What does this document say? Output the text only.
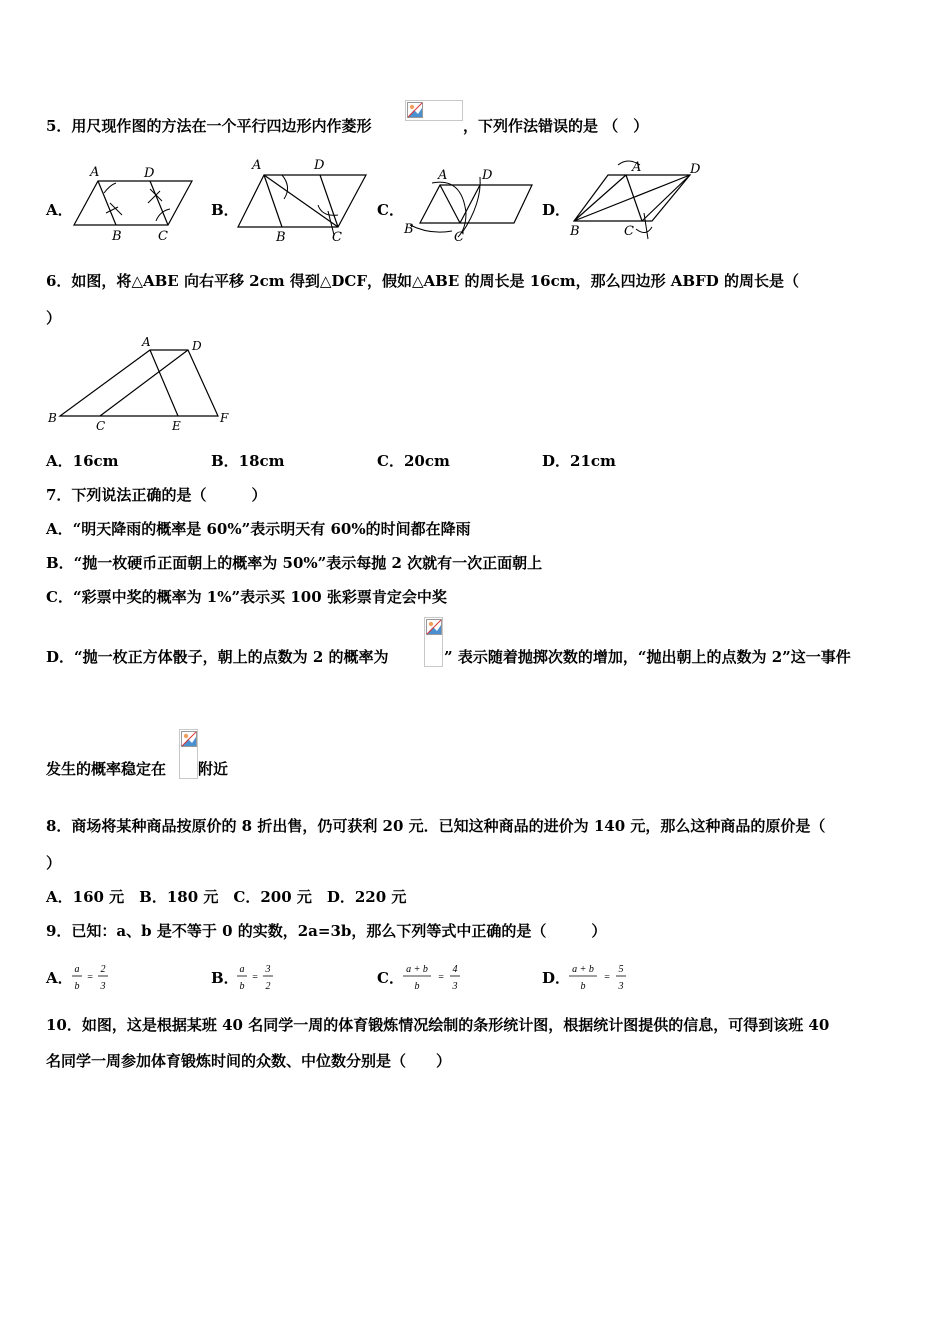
5．用尺现作图的方法在一个平行四边形内作菱形	，下列作法错误的是 （　）
A．
A	D
B	C
B．
A	D
B	C
C．
A	D
B
C
D．
A	D
B	C
6．如图，将△ABE 向右平移 2cm 得到△DCF，假如△ABE 的周长是 16cm，那么四边形 ABFD 的周长是（
）
A	D
B
C	E
F
A．16cm	B．18cm	C．20cm	D．21cm
7．下列说法正确的是（　　　）
A．“明天降雨的概率是 60%”表示明天有 60%的时间都在降雨
B．“抛一枚硬币正面朝上的概率为 50%”表示每抛 2 次就有一次正面朝上
C．“彩票中奖的概率为 1%”表示买 100 张彩票肯定会中奖
D．“抛一枚正方体骰子，朝上的点数为 2 的概率为	” 表示随着抛掷次数的增加，“抛出朝上的点数为 2”这一事件
发生的概率稳定在 附近
8．商场将某种商品按原价的 8 折出售，仍可获利 20 元．已知这种商品的进价为 140 元，那么这种商品的原价是（
）
A．160 元　B．180 元　C．200 元　D．220 元
9．已知：a、b 是不等于 0 的实数，2a=3b，那么下列等式中正确的是（　　　）
A． a
b
=
2
3	B． a
b
=
3
2	C． a + b
b
=
4
3	D． a + b
b
=
5
3
10．如图，这是根据某班 40 名同学一周的体育锻炼情况绘制的条形统计图，根据统计图提供的信息，可得到该班 40
名同学一周参加体育锻炼时间的众数、中位数分别是（　　）
